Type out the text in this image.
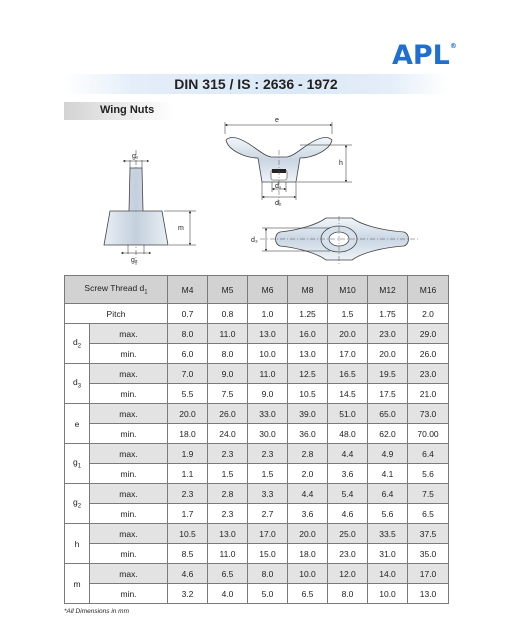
APL®
DIN 315 / IS : 2636 - 1972
Wing Nuts
g₁
g₂
m
e
h
d₁
d₂
d₃
Screw Thread $d_1$		M4	M5	M6	M8	M10	M12	M16
Pitch		0.7	0.8	1.0	1.25	1.5	1.75	2.0
$d_2$	max.	8.0	11.0	13.0	16.0	20.0	23.0	29.0
	min.	6.0	8.0	10.0	13.0	17.0	20.0	26.0
$d_3$	max.	7.0	9.0	11.0	12.5	16.5	19.5	23.0
	min.	5.5	7.5	9.0	10.5	14.5	17.5	21.0
e	max.	20.0	26.0	33.0	39.0	51.0	65.0	73.0
	min.	18.0	24.0	30.0	36.0	48.0	62.0	70.00
$g_1$	max.	1.9	2.3	2.3	2.8	4.4	4.9	6.4
	min.	1.1	1.5	1.5	2.0	3.6	4.1	5.6
$g_2$	max.	2.3	2.8	3.3	4.4	5.4	6.4	7.5
	min.	1.7	2.3	2.7	3.6	4.6	5.6	6.5
h	max.	10.5	13.0	17.0	20.0	25.0	33.5	37.5
	min.	8.5	11.0	15.0	18.0	23.0	31.0	35.0
m	max.	4.6	6.5	8.0	10.0	12.0	14.0	17.0
	min.	3.2	4.0	5.0	6.5	8.0	10.0	13.0
*All Dimensions in mm
